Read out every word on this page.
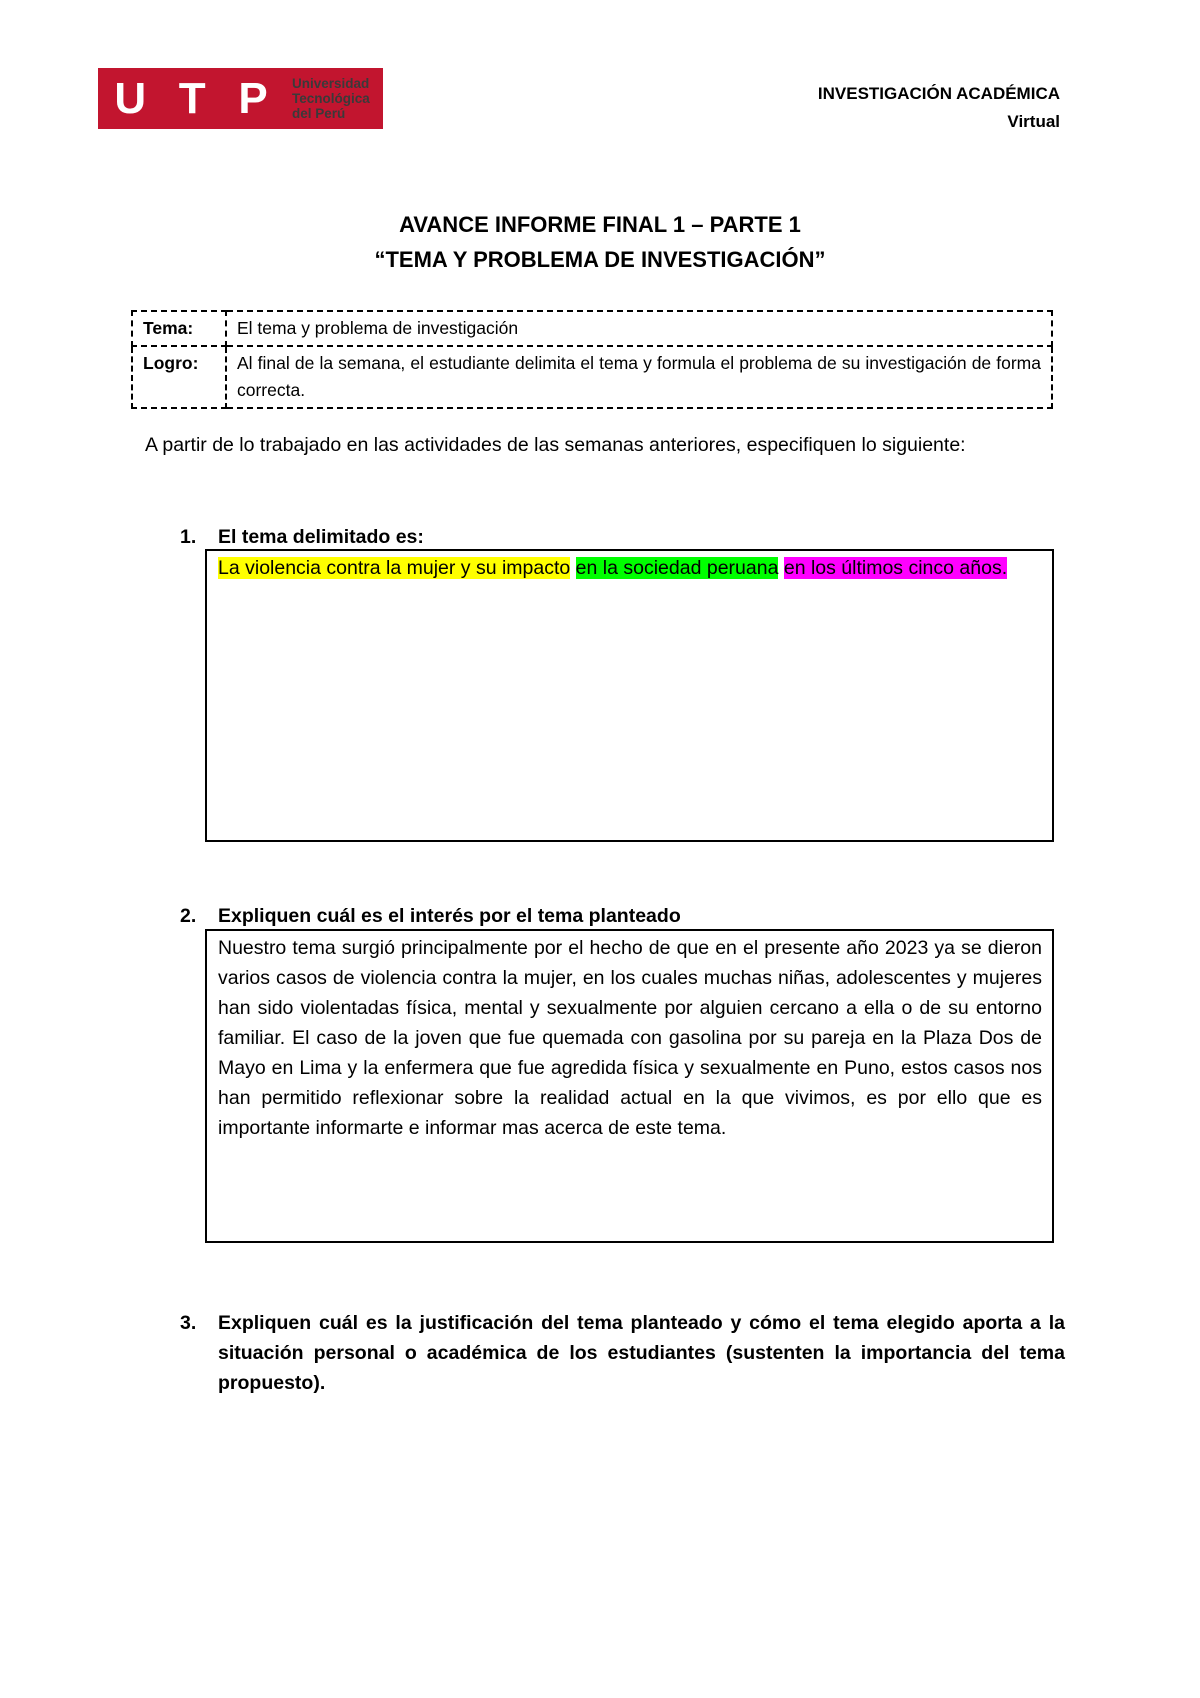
U T P Universidad
Tecnológica
del Perú
INVESTIGACIÓN ACADÉMICA
Virtual
AVANCE INFORME FINAL 1 – PARTE 1
“TEMA Y PROBLEMA DE INVESTIGACIÓN”
Tema:	El tema y problema de investigación
Logro:	Al final de la semana, el estudiante delimita el tema y formula el problema de su investigación de forma correcta.
A partir de lo trabajado en las actividades de las semanas anteriores, especifiquen lo siguiente:
1. El tema delimitado es:
La violencia contra la mujer y su impacto en la sociedad peruana en los últimos cinco años.
2. Expliquen cuál es el interés por el tema planteado
Nuestro tema surgió principalmente por el hecho de que en el presente año 2023 ya se dieron varios casos de violencia contra la mujer, en los cuales muchas niñas, adolescentes y mujeres han sido violentadas física, mental y sexualmente por alguien cercano a ella o de su entorno familiar. El caso de la joven que fue quemada con gasolina por su pareja en la Plaza Dos de Mayo en Lima y la enfermera que fue agredida física y sexualmente en Puno, estos casos nos han permitido reflexionar sobre la realidad actual en la que vivimos, es por ello que es importante informarte e informar mas acerca de este tema.
3. Expliquen cuál es la justificación del tema planteado y cómo el tema elegido aporta a la situación personal o académica de los estudiantes (sustenten la importancia del tema propuesto).
